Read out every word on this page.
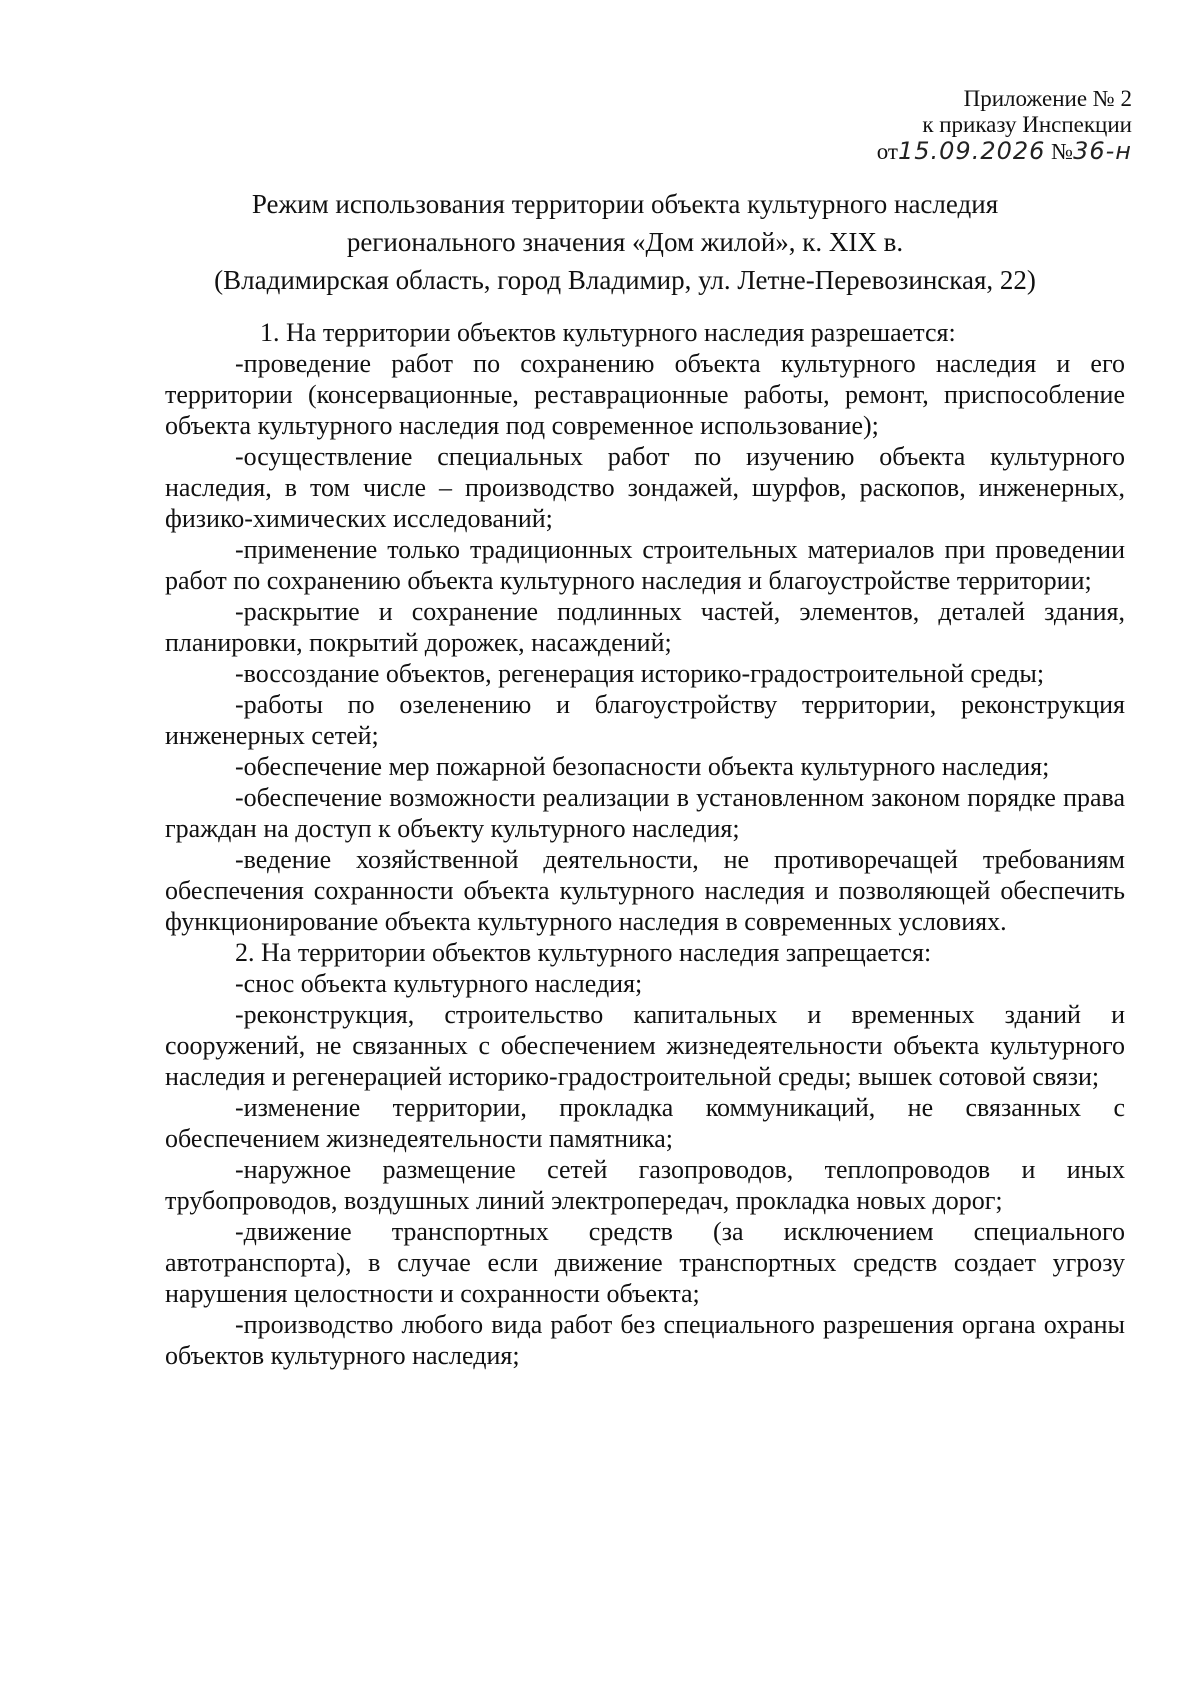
Приложение № 2
к приказу Инспекции
от15.09.2026 №36-н
Режим использования территории объекта культурного наследия
регионального значения «Дом жилой», к. XIX в.
(Владимирская область, город Владимир, ул. Летне-Перевозинская, 22)

1. На территории объектов культурного наследия разрешается:

-проведение работ по сохранению объекта культурного наследия и его территории (консервационные, реставрационные работы, ремонт, приспособление объекта культурного наследия под современное использование);

-осуществление специальных работ по изучению объекта культурного наследия, в том числе – производство зондажей, шурфов, раскопов, инженерных, физико-химических исследований;

-применение только традиционных строительных материалов при проведении работ по сохранению объекта культурного наследия и благоустройстве территории;

-раскрытие и сохранение подлинных частей, элементов, деталей здания, планировки, покрытий дорожек, насаждений;

-воссоздание объектов, регенерация историко-градостроительной среды;

-работы по озеленению и благоустройству территории, реконструкция инженерных сетей;

-обеспечение мер пожарной безопасности объекта культурного наследия;

-обеспечение возможности реализации в установленном законом порядке права граждан на доступ к объекту культурного наследия;

-ведение хозяйственной деятельности, не противоречащей требованиям обеспечения сохранности объекта культурного наследия и позволяющей обеспечить функционирование объекта культурного наследия в современных условиях.

2. На территории объектов культурного наследия запрещается:

-снос объекта культурного наследия;

-реконструкция, строительство капитальных и временных зданий и сооружений, не связанных с обеспечением жизнедеятельности объекта культурного наследия и регенерацией историко-градостроительной среды; вышек сотовой связи;

-изменение территории, прокладка коммуникаций, не связанных с обеспечением жизнедеятельности памятника;

-наружное размещение сетей газопроводов, теплопроводов и иных трубопроводов, воздушных линий электропередач, прокладка новых дорог;

-движение транспортных средств (за исключением специального автотранспорта), в случае если движение транспортных средств создает угрозу нарушения целостности и сохранности объекта;

-производство любого вида работ без специального разрешения органа охраны объектов культурного наследия;
